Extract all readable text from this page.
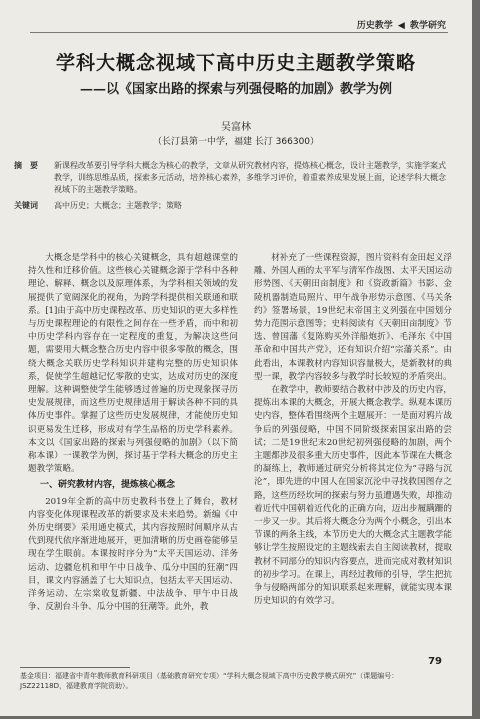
历史教学 ◀ 教学研究
学科大概念视域下高中历史主题教学策略
——以《国家出路的探索与列强侵略的加剧》教学为例
吴富林
（长汀县第一中学，福建 长汀 366300）
摘　要	新课程改革要引导学科大概念为核心的教学，文章从研究教材内容，提炼核心概念，设计主题教学，实施学案式教学，训练思维品质，探索多元活动，培养核心素养，多维学习评价，着重素养成果发展上面，论述学科大概念视域下的主题教学策略。
关键词	高中历史；大概念；主题教学；策略

大概念是学科中的核心关键概念，具有超越课堂的持久性和迁移价值。这些核心关键概念源于学科中各种理论、解释、概念以及原理体系，为学科相关领域的发展提供了宽阔深化的视角，为跨学科提供相关联通和联系。[1]由于高中历史课程改革、历史知识的更大多样性与历史课程理论的有限性之间存在一些矛盾，而中和初中历史学科内容存在一定程度的重复，为解决这些问题，需要用大概念整合历史内容中很多零散的概念，围绕大概念关联历史学科知识并建构完整的历史知识体系，促使学生超越记忆零散的史实，达成对历史的深度理解。这种调整使学生能够透过普遍的历史现象探寻历史发展规律，而这些历史规律适用于解读各种不同的具体历史事件。掌握了这些历史发展规律，才能使历史知识更易发生迁移，形成对有学生品格的历史学科素养。本文以《国家出路的探索与列强侵略的加剧》（以下简称本课）一课教学为例，探讨基于学科大概念的历史主题教学策略。

一、研究教材内容，提炼核心概念

2019年全新的高中历史教科书登上了舞台，教材内容变化体现课程改革的新要求及未来趋势。新编《中外历史纲要》采用通史模式，其内容按照时间顺序从古代到现代依序渐进地展开，更加清晰的历史画卷能够呈现在学生眼前。本课按时序分为“太平天国运动、洋务运动、边疆危机和甲午中日战争、瓜分中国的狂潮”四目，课文内容涵盖了七大知识点，包括太平天国运动、洋务运动、左宗棠收复新疆、中法战争、甲午中日战争、反割台斗争、瓜分中国的狂潮等。此外，教

材补充了一些课程资源，图片资料有金田起义浮雕、外国人画的太平军与清军作战图、太平天国运动形势图、《天朝田亩制度》和《资政新篇》书影、金陵机器制造局照片、甲午战争形势示意图、《马关条约》签署场景，19世纪末帝国主义列强在中国划分势力范围示意图等；史料阅读有《天朝田亩制度》节选、曾国藩《复陈购买外洋船炮折》、毛泽东《中国革命和中国共产党》，还有知识介绍“宗藩关系”。由此看出，本课教材内容知识容量极大，是新教材的典型一课，教学内容较多与教学时长较短的矛盾突出。

在教学中，教师要结合教材中涉及的历史内容，提炼出本课的大概念，开展大概念教学。纵观本课历史内容，整体看围绕两个主题展开：一是面对鸦片战争后的列强侵略，中国不同阶级探索国家出路的尝试；二是19世纪末20世纪初列强侵略的加剧，两个主题都涉及很多重大历史事件，因此本节课在大概念的凝练上，教师通过研究分析将其定位为“寻路与沉沦”，即先进的中国人在国家沉沦中寻找救国图存之路，这些历经坎坷的探索与努力虽遭遇失败，却推动着近代中国朝着近代化的正确方向，迈出步履蹒跚的一步又一步。其后将大概念分为两个小概念，引出本节课的两条主线，本节历史大的大概念式主题教学能够让学生按照设定的主题线索去自主阅读教材，提取教材不同部分的知识内容要点，进而完成对教材知识的初步学习。在课上，再经过教师的引导，学生把抗争与侵略两部分的知识联系起来理解，就能实现本课历史知识的有效学习。

79
基金项目：福建省中青年教师教育科研项目（基础教育研究专项）“学科大概念视域下高中历史教学模式研究”（课题编号：JSZ22118D，福建教育学院资助）。
